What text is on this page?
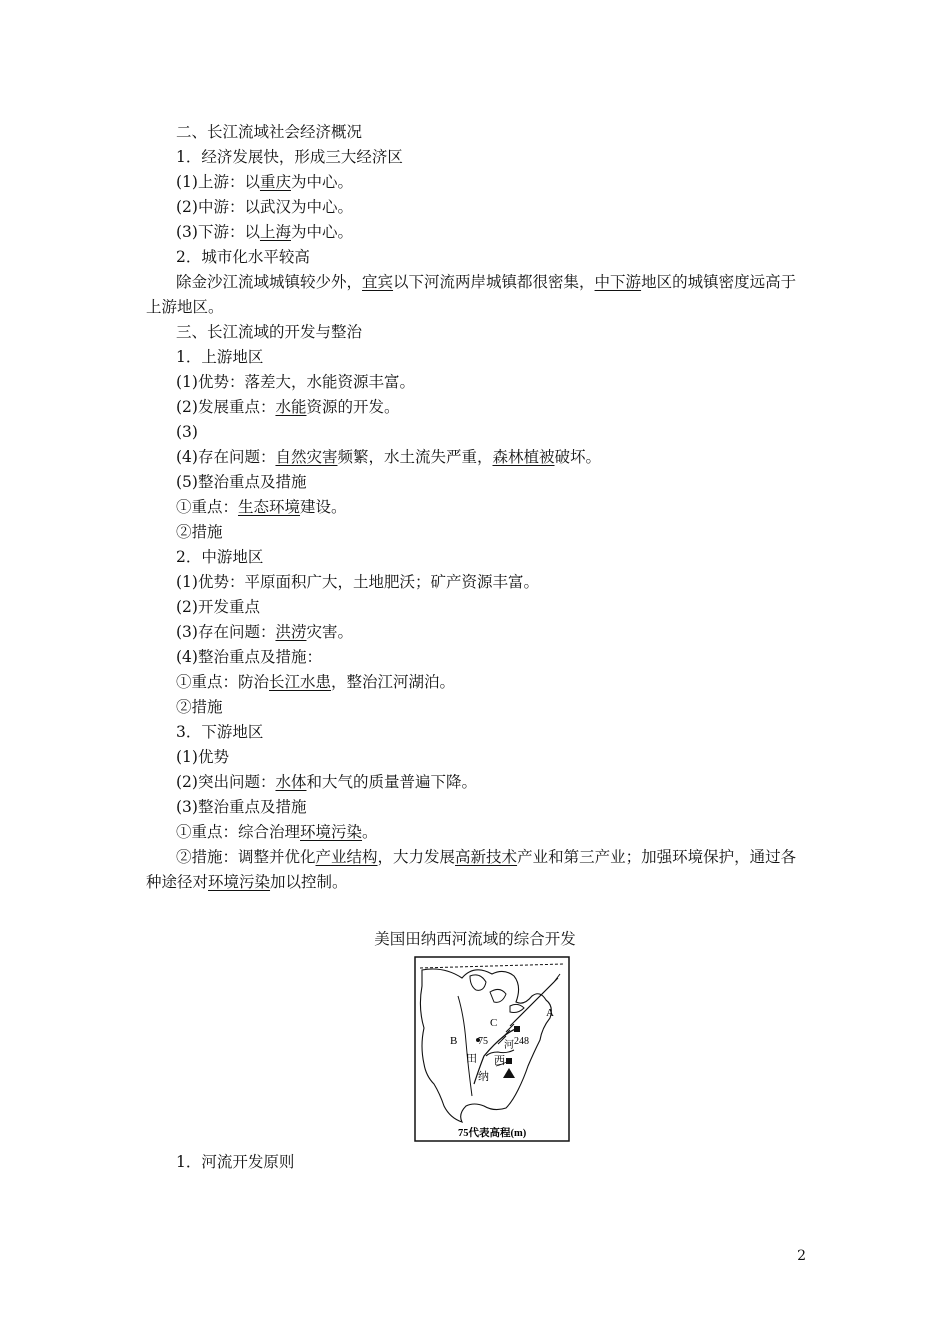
二、长江流域社会经济概况
1．经济发展快，形成三大经济区
(1)上游：以重庆为中心。
(2)中游：以武汉为中心。
(3)下游：以上海为中心。
2．城市化水平较高
除金沙江流域城镇较少外，宜宾以下河流两岸城镇都很密集，中下游地区的城镇密度远高于上游地区。
三、长江流域的开发与整治
1．上游地区
(1)优势：落差大，水能资源丰富。
(2)发展重点：水能资源的开发。
(3)
(4)存在问题：自然灾害频繁，水土流失严重，森林植被破坏。
(5)整治重点及措施
①重点：生态环境建设。
②措施
2．中游地区
(1)优势：平原面积广大，土地肥沃；矿产资源丰富。
(2)开发重点
(3)存在问题：洪涝灾害。
(4)整治重点及措施：
①重点：防治长江水患，整治江河湖泊。
②措施
3．下游地区
(1)优势
(2)突出问题：水体和大气的质量普遍下降。
(3)整治重点及措施
①重点：综合治理环境污染。
②措施：调整并优化产业结构，大力发展高新技术产业和第三产业；加强环境保护，通过各种途径对环境污染加以控制。
美国田纳西河流域的综合开发
A
B
C
75	248
田
纳
西
河
75代表高程(m)
1．河流开发原则
2
